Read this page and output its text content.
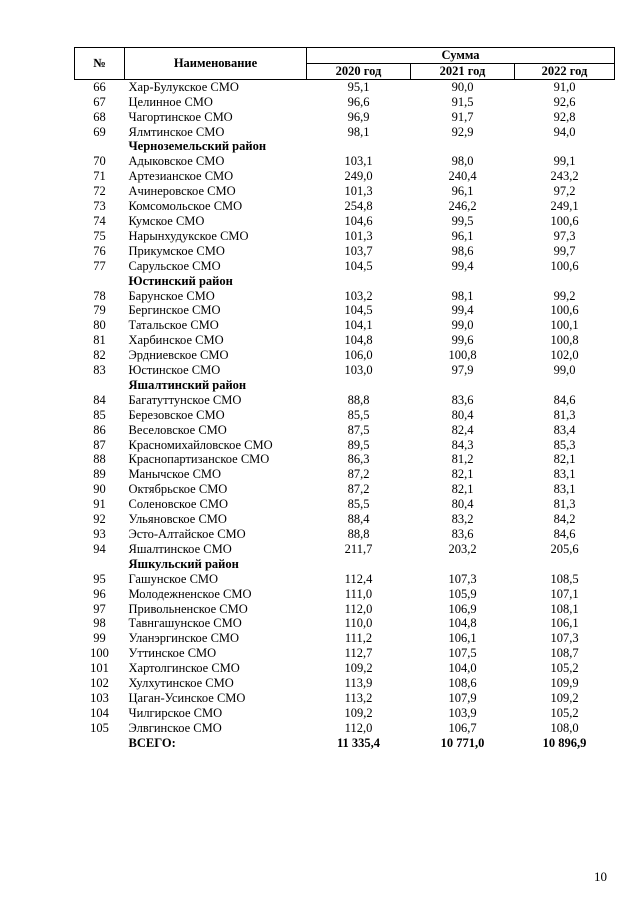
№	Наименование	Сумма		
		2020 год	2021 год	2022 год
66	Хар-Булукское СМО	95,1	90,0	91,0
67	Целинное СМО	96,6	91,5	92,6
68	Чагортинское СМО	96,9	91,7	92,8
69	Ялмтинское СМО	98,1	92,9	94,0
	Черноземельский район			
70	Адыковское СМО	103,1	98,0	99,1
71	Артезианское СМО	249,0	240,4	243,2
72	Ачинеровское СМО	101,3	96,1	97,2
73	Комсомольское СМО	254,8	246,2	249,1
74	Кумское СМО	104,6	99,5	100,6
75	Нарынхудукское СМО	101,3	96,1	97,3
76	Прикумское СМО	103,7	98,6	99,7
77	Сарульское СМО	104,5	99,4	100,6
	Юстинский район			
78	Барунское СМО	103,2	98,1	99,2
79	Бергинское СМО	104,5	99,4	100,6
80	Татальское СМО	104,1	99,0	100,1
81	Харбинское СМО	104,8	99,6	100,8
82	Эрдниевское СМО	106,0	100,8	102,0
83	Юстинское СМО	103,0	97,9	99,0
	Яшалтинский район			
84	Багатуттунское СМО	88,8	83,6	84,6
85	Березовское СМО	85,5	80,4	81,3
86	Веселовское СМО	87,5	82,4	83,4
87	Красномихайловское СМО	89,5	84,3	85,3
88	Краснопартизанское СМО	86,3	81,2	82,1
89	Манычское СМО	87,2	82,1	83,1
90	Октябрьское СМО	87,2	82,1	83,1
91	Соленовское СМО	85,5	80,4	81,3
92	Ульяновское СМО	88,4	83,2	84,2
93	Эсто-Алтайское СМО	88,8	83,6	84,6
94	Яшалтинское СМО	211,7	203,2	205,6
	Яшкульский район			
95	Гашунское СМО	112,4	107,3	108,5
96	Молодежненское СМО	111,0	105,9	107,1
97	Привольненское СМО	112,0	106,9	108,1
98	Тавнгашунское СМО	110,0	104,8	106,1
99	Уланэргинское СМО	111,2	106,1	107,3
100	Уттинское СМО	112,7	107,5	108,7
101	Хартолгинское СМО	109,2	104,0	105,2
102	Хулхутинское СМО	113,9	108,6	109,9
103	Цаган-Усинское СМО	113,2	107,9	109,2
104	Чилгирское СМО	109,2	103,9	105,2
105	Элвгинское СМО	112,0	106,7	108,0
	ВСЕГО:	11 335,4	10 771,0	10 896,9
10
